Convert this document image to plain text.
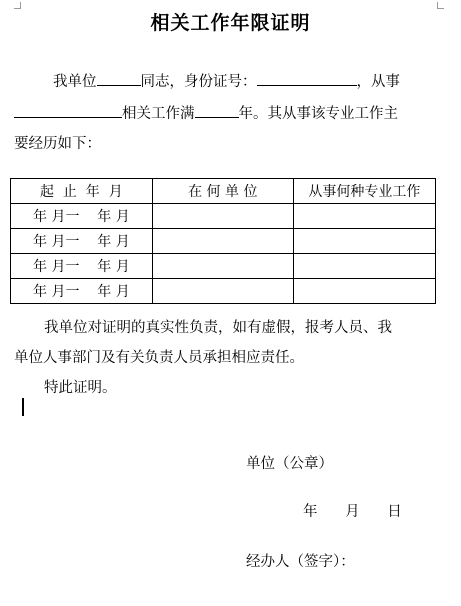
相关工作年限证明
我单位	同志，身份证号：	，从事
相关工作满	年。其从事该专业工作主
要经历如下：
起  止  年  月	在 何 单 位	从事何种专业工作
年 月一    年 月		
年 月一    年 月		
年 月一    年 月		
年 月一    年 月		
我单位对证明的真实性负责，如有虚假，报考人员、我
单位人事部门及有关负责人员承担相应责任。
特此证明。
单位（公章）
年      月      日
经办人（签字）：
